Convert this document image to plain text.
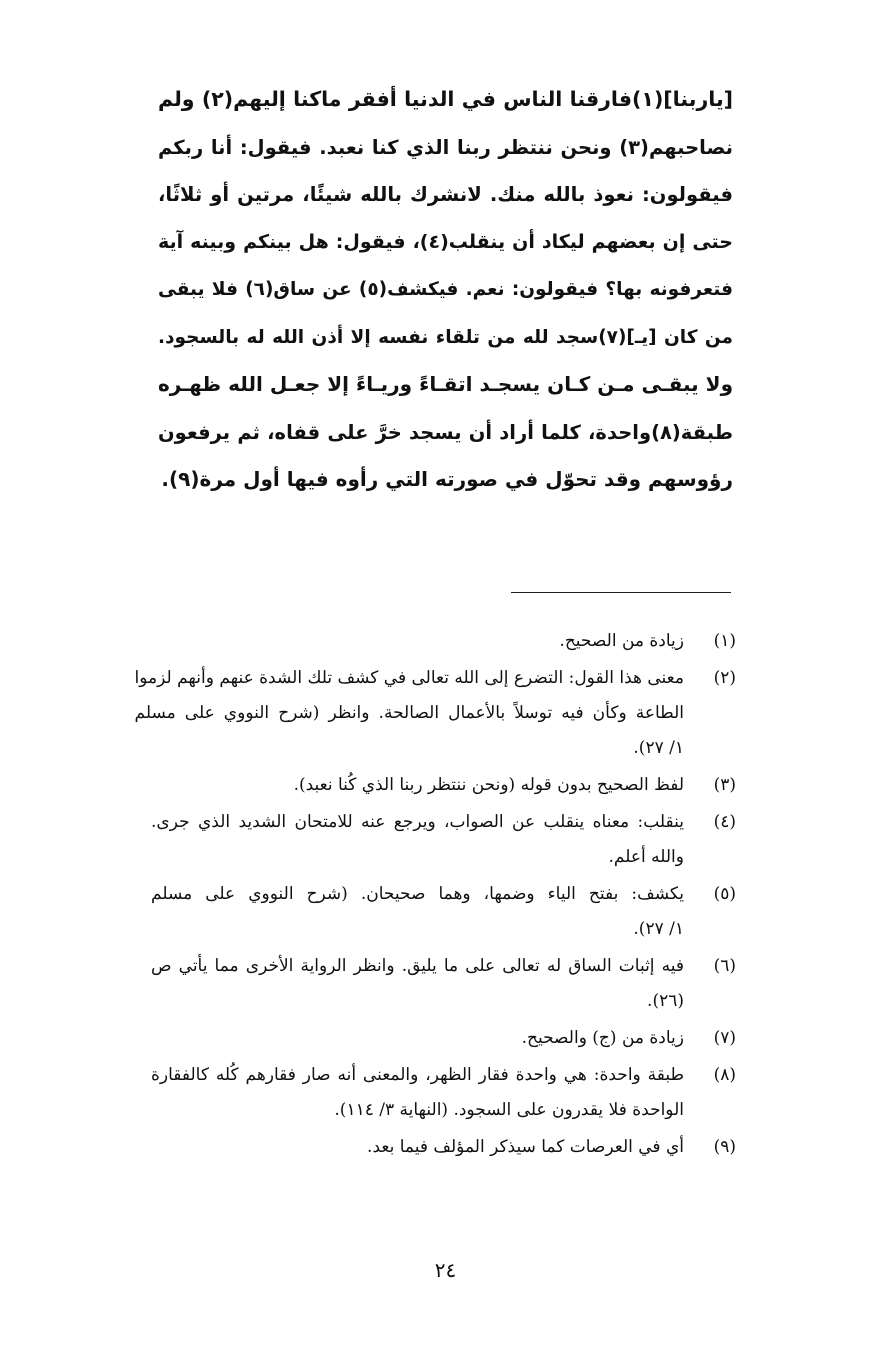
[ياربنا](١)فارقنا الناس في الدنيا أفقر ماكنا إليهم(٢) ولم
نصاحبهم(٣) ونحن ننتظر ربنا الذي كنا نعبد. فيقول: أنا ربكم
فيقولون: نعوذ بالله منك. لانشرك بالله شيئًا، مرتين أو ثلاثًا،
حتى إن بعضهم ليكاد أن ينقلب(٤)، فيقول: هل بينكم وبينه آية
فتعرفونه بها؟ فيقولون: نعم. فيكشف(٥) عن ساق(٦) فلا يبقى
من كان [يـ](٧)سجد لله من تلقاء نفسه إلا أذن الله له بالسجود.
ولا يبقـى مـن كـان يسجـد اتقـاءً وريـاءً إلا جعـل الله ظهـره
طبقة(٨)واحدة، كلما أراد أن يسجد خرَّ على قفاه، ثم يرفعون
رؤوسهم وقد تحوّل في صورته التي رأوه فيها أول مرة(٩).
(١)
زيادة من الصحيح.
(٢)
معنى هذا القول: التضرع إلى الله تعالى في كشف تلك الشدة عنهم وأنهم لزموا
الطاعة وكأن فيه توسلاً بالأعمال الصالحة. وانظر (شرح النووي على مسلم
١/ ٢٧).
(٣)
لفظ الصحيح بدون قوله (ونحن ننتظر ربنا الذي كُنا نعبد).
(٤)
ينقلب: معناه ينقلب عن الصواب، ويرجع عنه للامتحان الشديد الذي جرى.
والله أعلم.
(٥)
يكشف: بفتح الياء وضمها، وهما صحيحان. (شرح النووي على مسلم
١/ ٢٧).
(٦)
فيه إثبات الساق له تعالى على ما يليق. وانظر الرواية الأخرى مما يأتي ص
(٢٦).
(٧)
زيادة من (ج) والصحيح.
(٨)
طبقة واحدة: هي واحدة فقار الظهر، والمعنى أنه صار فقارهم كُله كالفقارة
الواحدة فلا يقدرون على السجود. (النهاية ٣/ ١١٤).
(٩)
أي في العرصات كما سيذكر المؤلف فيما بعد.
٢٤
